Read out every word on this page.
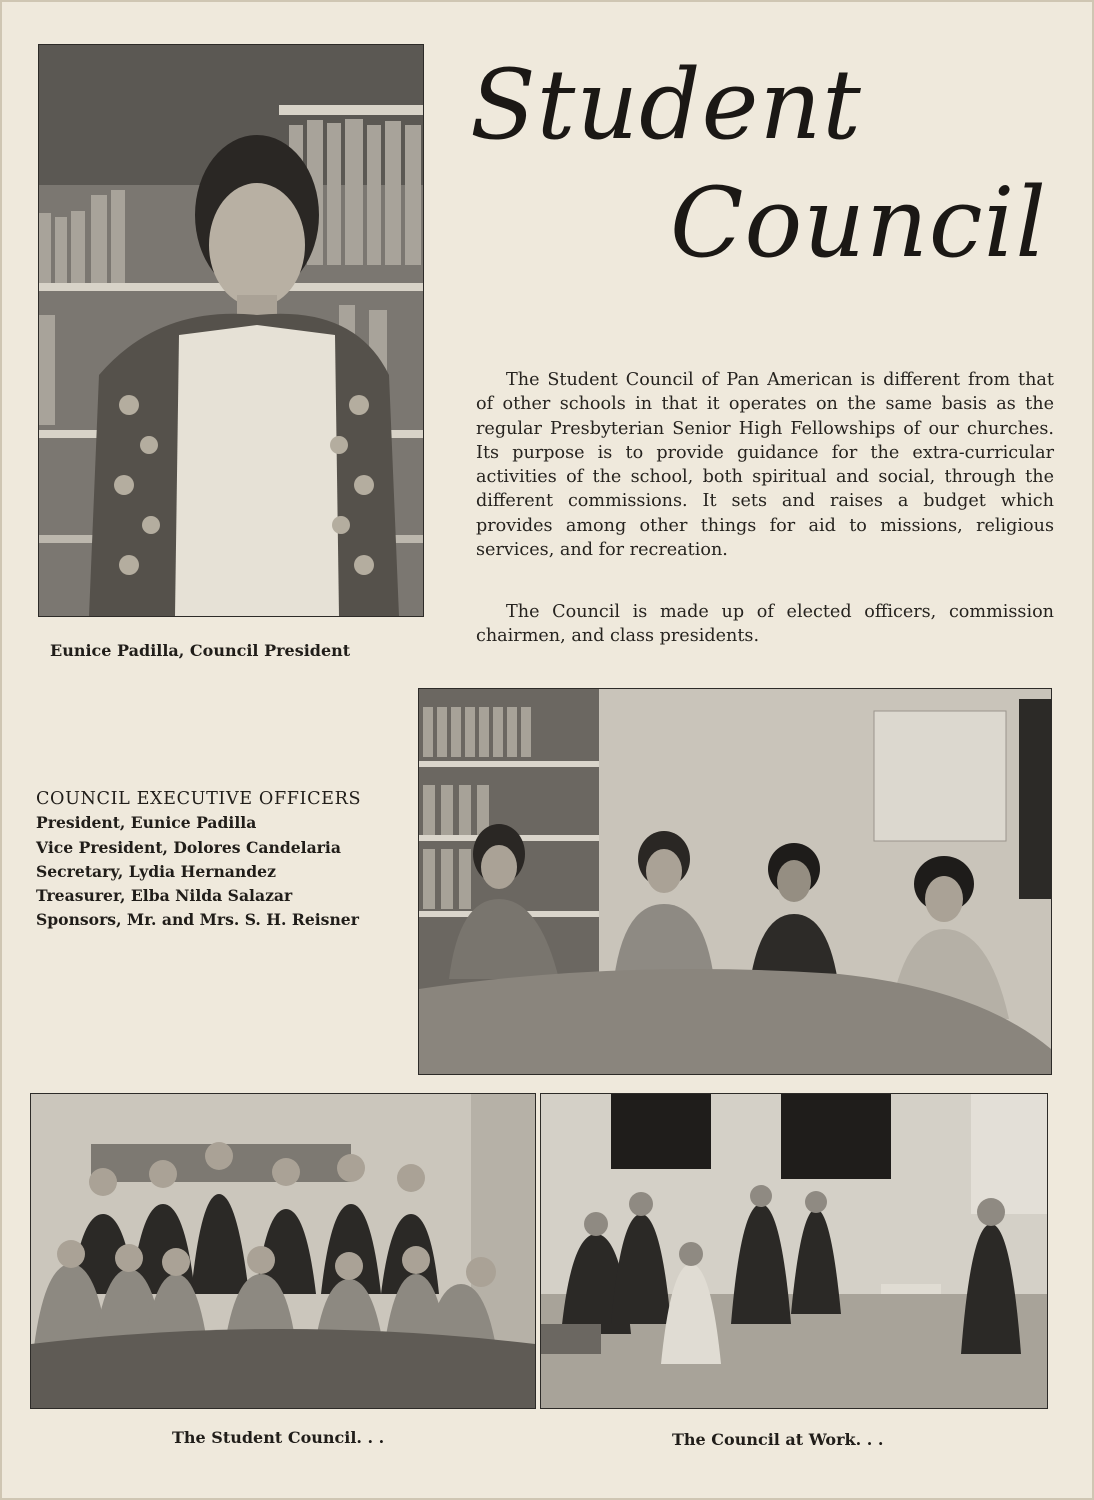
Eunice Padilla, Council President
Student
Council

The Student Council of Pan American is different from that of other schools in that it operates on the same basis as the regular Presbyterian Senior High Fellowships of our churches. Its purpose is to provide guidance for the extra-curricular activities of the school, both spiritual and social, through the different commissions. It sets and raises a budget which provides among other things for aid to missions, religious services, and for recreation.

The Council is made up of elected officers, commission chairmen, and class presidents.

COUNCIL EXECUTIVE OFFICERS
President, Eunice Padilla
Vice President, Dolores Candelaria
Secretary, Lydia Hernandez
Treasurer, Elba Nilda Salazar
Sponsors, Mr. and Mrs. S. H. Reisner
The Student Council. . .	The Council at Work. . .
